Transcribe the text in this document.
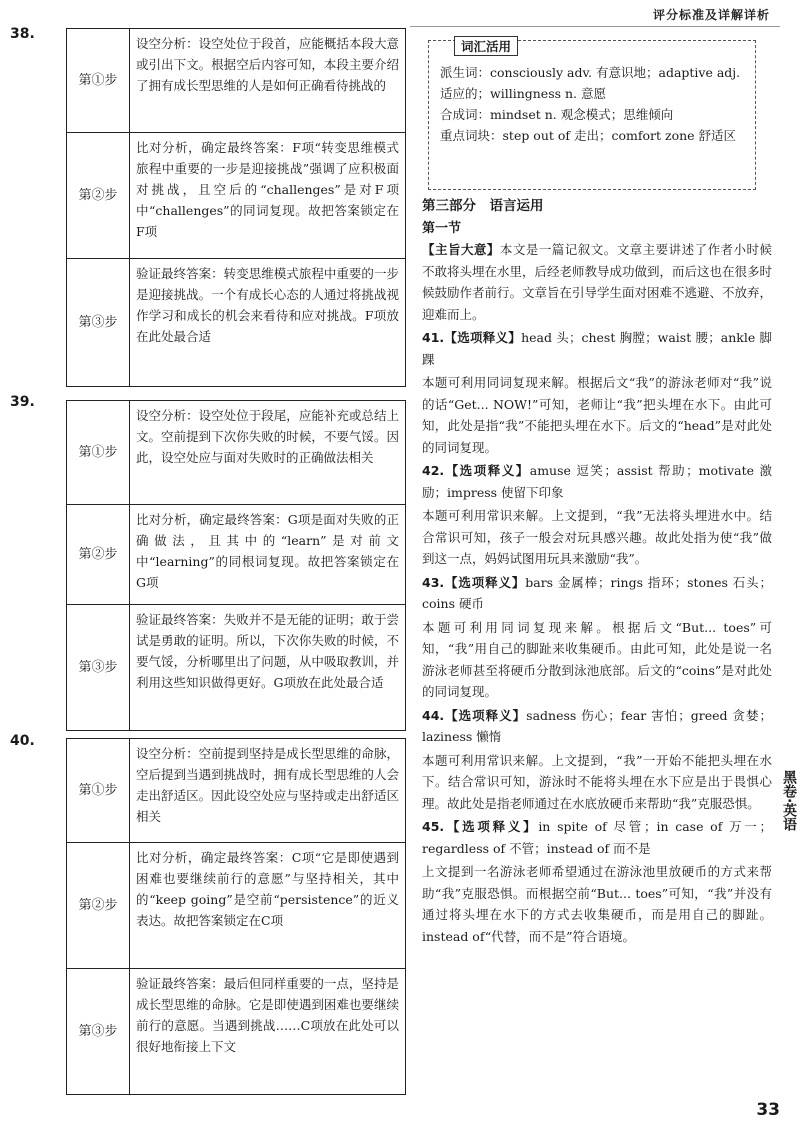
评分标准及详解详析
38.
第①步	设空分析：设空处位于段首，应能概括本段大意或引出下文。根据空后内容可知，本段主要介绍了拥有成长型思维的人是如何正确看待挑战的
第②步	比对分析，确定最终答案：F项“转变思维模式旅程中重要的一步是迎接挑战”强调了应积极面对挑战，且空后的“challenges”是对F项中“challenges”的同词复现。故把答案锁定在F项
第③步	验证最终答案：转变思维模式旅程中重要的一步是迎接挑战。一个有成长心态的人通过将挑战视作学习和成长的机会来看待和应对挑战。F项放在此处最合适
39.
第①步	设空分析：设空处位于段尾，应能补充或总结上文。空前提到下次你失败的时候，不要气馁。因此，设空处应与面对失败时的正确做法相关
第②步	比对分析，确定最终答案：G项是面对失败的正确做法，且其中的“learn”是对前文中“learning”的同根词复现。故把答案锁定在G项
第③步	验证最终答案：失败并不是无能的证明；敢于尝试是勇敢的证明。所以，下次你失败的时候，不要气馁，分析哪里出了问题，从中吸取教训，并利用这些知识做得更好。G项放在此处最合适
40.
第①步	设空分析：空前提到坚持是成长型思维的命脉，空后提到当遇到挑战时，拥有成长型思维的人会走出舒适区。因此设空处应与坚持或走出舒适区相关
第②步	比对分析，确定最终答案：C项“它是即使遇到困难也要继续前行的意愿”与坚持相关，其中的“keep going”是空前“persistence”的近义表达。故把答案锁定在C项
第③步	验证最终答案：最后但同样重要的一点，坚持是成长型思维的命脉。它是即使遇到困难也要继续前行的意愿。当遇到挑战……C项放在此处可以很好地衔接上下文
词汇活用

派生词：consciously adv. 有意识地；adaptive adj. 适应的；willingness n. 意愿

合成词：mindset n. 观念模式；思维倾向

重点词块：step out of 走出；comfort zone 舒适区

第三部分　语言运用
第一节

【主旨大意】本文是一篇记叙文。文章主要讲述了作者小时候不敢将头埋在水里，后经老师教导成功做到，而后这也在很多时候鼓励作者前行。文章旨在引导学生面对困难不逃避、不放弃，迎难而上。

41.【选项释义】head 头；chest 胸膛；waist 腰；ankle 脚踝

本题可利用同词复现来解。根据后文“我”的游泳老师对“我”说的话“Get... NOW!”可知，老师让“我”把头埋在水下。由此可知，此处是指“我”不能把头埋在水下。后文的“head”是对此处的同词复现。

42.【选项释义】amuse 逗笑；assist 帮助；motivate 激励；impress 使留下印象

本题可利用常识来解。上文提到，“我”无法将头埋进水中。结合常识可知，孩子一般会对玩具感兴趣。故此处指为使“我”做到这一点，妈妈试图用玩具来激励“我”。

43.【选项释义】bars 金属棒；rings 指环；stones 石头；coins 硬币

本题可利用同词复现来解。根据后文“But... toes”可知，“我”用自己的脚趾来收集硬币。由此可知，此处是说一名游泳老师甚至将硬币分散到泳池底部。后文的“coins”是对此处的同词复现。

44.【选项释义】sadness 伤心；fear 害怕；greed 贪婪；laziness 懒惰

本题可利用常识来解。上文提到，“我”一开始不能把头埋在水下。结合常识可知，游泳时不能将头埋在水下应是出于畏惧心理。故此处是指老师通过在水底放硬币来帮助“我”克服恐惧。

45.【选项释义】in spite of 尽管；in case of 万一；regardless of 不管；instead of 而不是

上文提到一名游泳老师希望通过在游泳池里放硬币的方式来帮助“我”克服恐惧。而根据空前“But... toes”可知，“我”并没有通过将头埋在水下的方式去收集硬币，而是用自己的脚趾。instead of“代替，而不是”符合语境。

黑卷·英语
33
